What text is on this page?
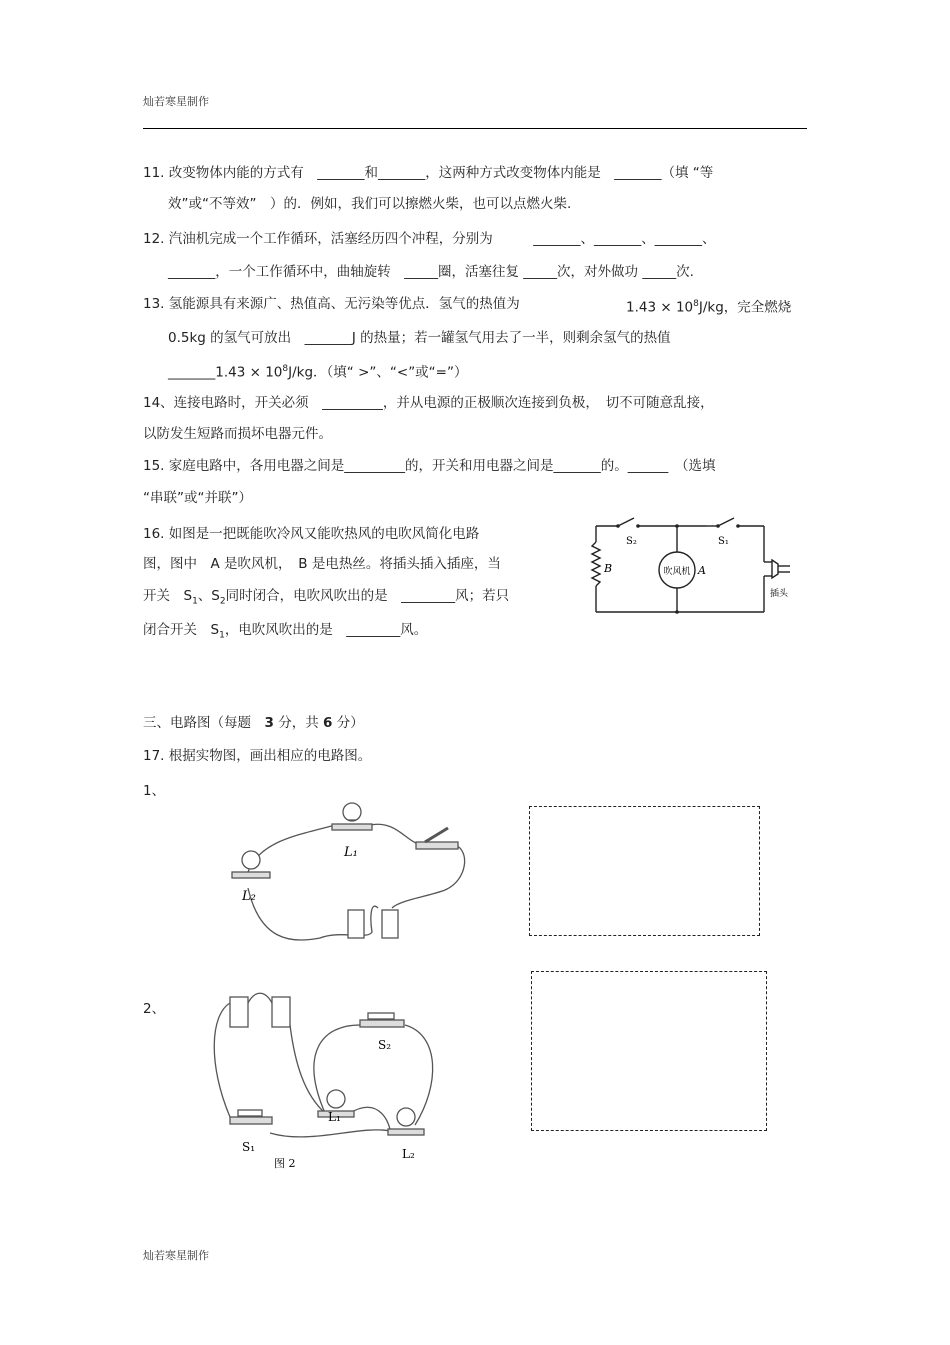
灿若寒星制作
11. 改变物体内能的方式有　_______和_______，这两种方式改变物体内能是　_______（填 “等
效”或“不等效”　）的．例如，我们可以擦燃火柴，也可以点燃火柴.
12. 汽油机完成一个工作循环，活塞经历四个冲程，分别为　　　_______、_______、_______、
_______，一个工作循环中，曲轴旋转　_____圈，活塞往复 _____次，对外做功 _____次.
13. 氢能源具有来源广、热值高、无污染等优点．氢气的热值为	$1.43 \times 10^8J/kg$，完全燃烧
0.5kg 的氢气可放出　_______J 的热量；若一罐氢气用去了一半，则剩余氢气的热值
_______1.43 × $10^8J/kg$．（填“ >”、“<”或“=”）
14、连接电路时，开关必须　_________，并从电源的正极顺次连接到负极，　切不可随意乱接，
以防发生短路而损坏电器元件。
15. 家庭电路中，各用电器之间是_________的，开关和用电器之间是_______的。______　（选填
“串联”或“并联”）
16. 如图是一把既能吹冷风又能吹热风的电吹风简化电路
图，图中　A 是吹风机，　B 是电热丝。将插头插入插座，当
开关　$S_1$、$S_2$同时闭合，电吹风吹出的是　________风；若只
闭合开关　$S_1$，电吹风吹出的是　________风。
S₂	S₁
B	A
吹风机
插头
三、电路图（每题　3 分，共 6 分）
17. 根据实物图，画出相应的电路图。
1、
L₁
L₂
2、
S₂
L₁
S₁	L₂
图 2
灿若寒星制作
